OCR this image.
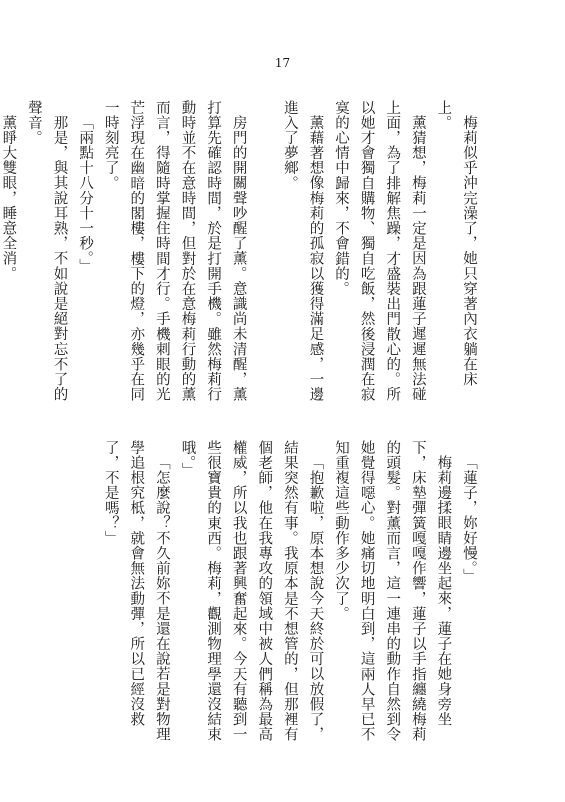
17

梅莉似乎沖完澡了，她只穿著內衣躺在床上。

薰猜想，梅莉一定是因為跟蓮子遲遲無法碰上面，為了排解焦躁，才盛裝出門散心的。所以她才會獨自購物、獨自吃飯，然後浸潤在寂寞的心情中歸來，不會錯的。

薰藉著想像梅莉的孤寂以獲得滿足感，一邊進入了夢鄉。

房門的開關聲吵醒了薰。意識尚未清醒，薰打算先確認時間，於是打開手機。雖然梅莉行動時並不在意時間，但對於在意梅莉行動的薰而言，得隨時掌握住時間才行。手機刺眼的光芒浮現在幽暗的閣樓，樓下的燈，亦幾乎在同一時刻亮了。

「兩點十八分十一秒。」

那是，與其說耳熟，不如說是絕對忘不了的聲音。

薰睜大雙眼，睡意全消。

「蓮子，妳好慢。」

梅莉邊揉眼睛邊坐起來，蓮子在她身旁坐下，床墊彈簧嘎嘎作響，蓮子以手指纏繞梅莉的頭髮。對薰而言，這一連串的動作自然到令她覺得噁心。她痛切地明白到，這兩人早已不知重複這些動作多少次了。

「抱歉啦，原本想說今天終於可以放假了，結果突然有事。我原本是不想管的，但那裡有個老師，他在我專攻的領域中被人們稱為最高權威，所以我也跟著興奮起來。今天有聽到一些很寶貴的東西。梅莉，觀測物理學還沒結束哦。」

「怎麼說？不久前妳不是還在說若是對物理學追根究柢，就會無法動彈，所以已經沒救了，不是嗎？」
